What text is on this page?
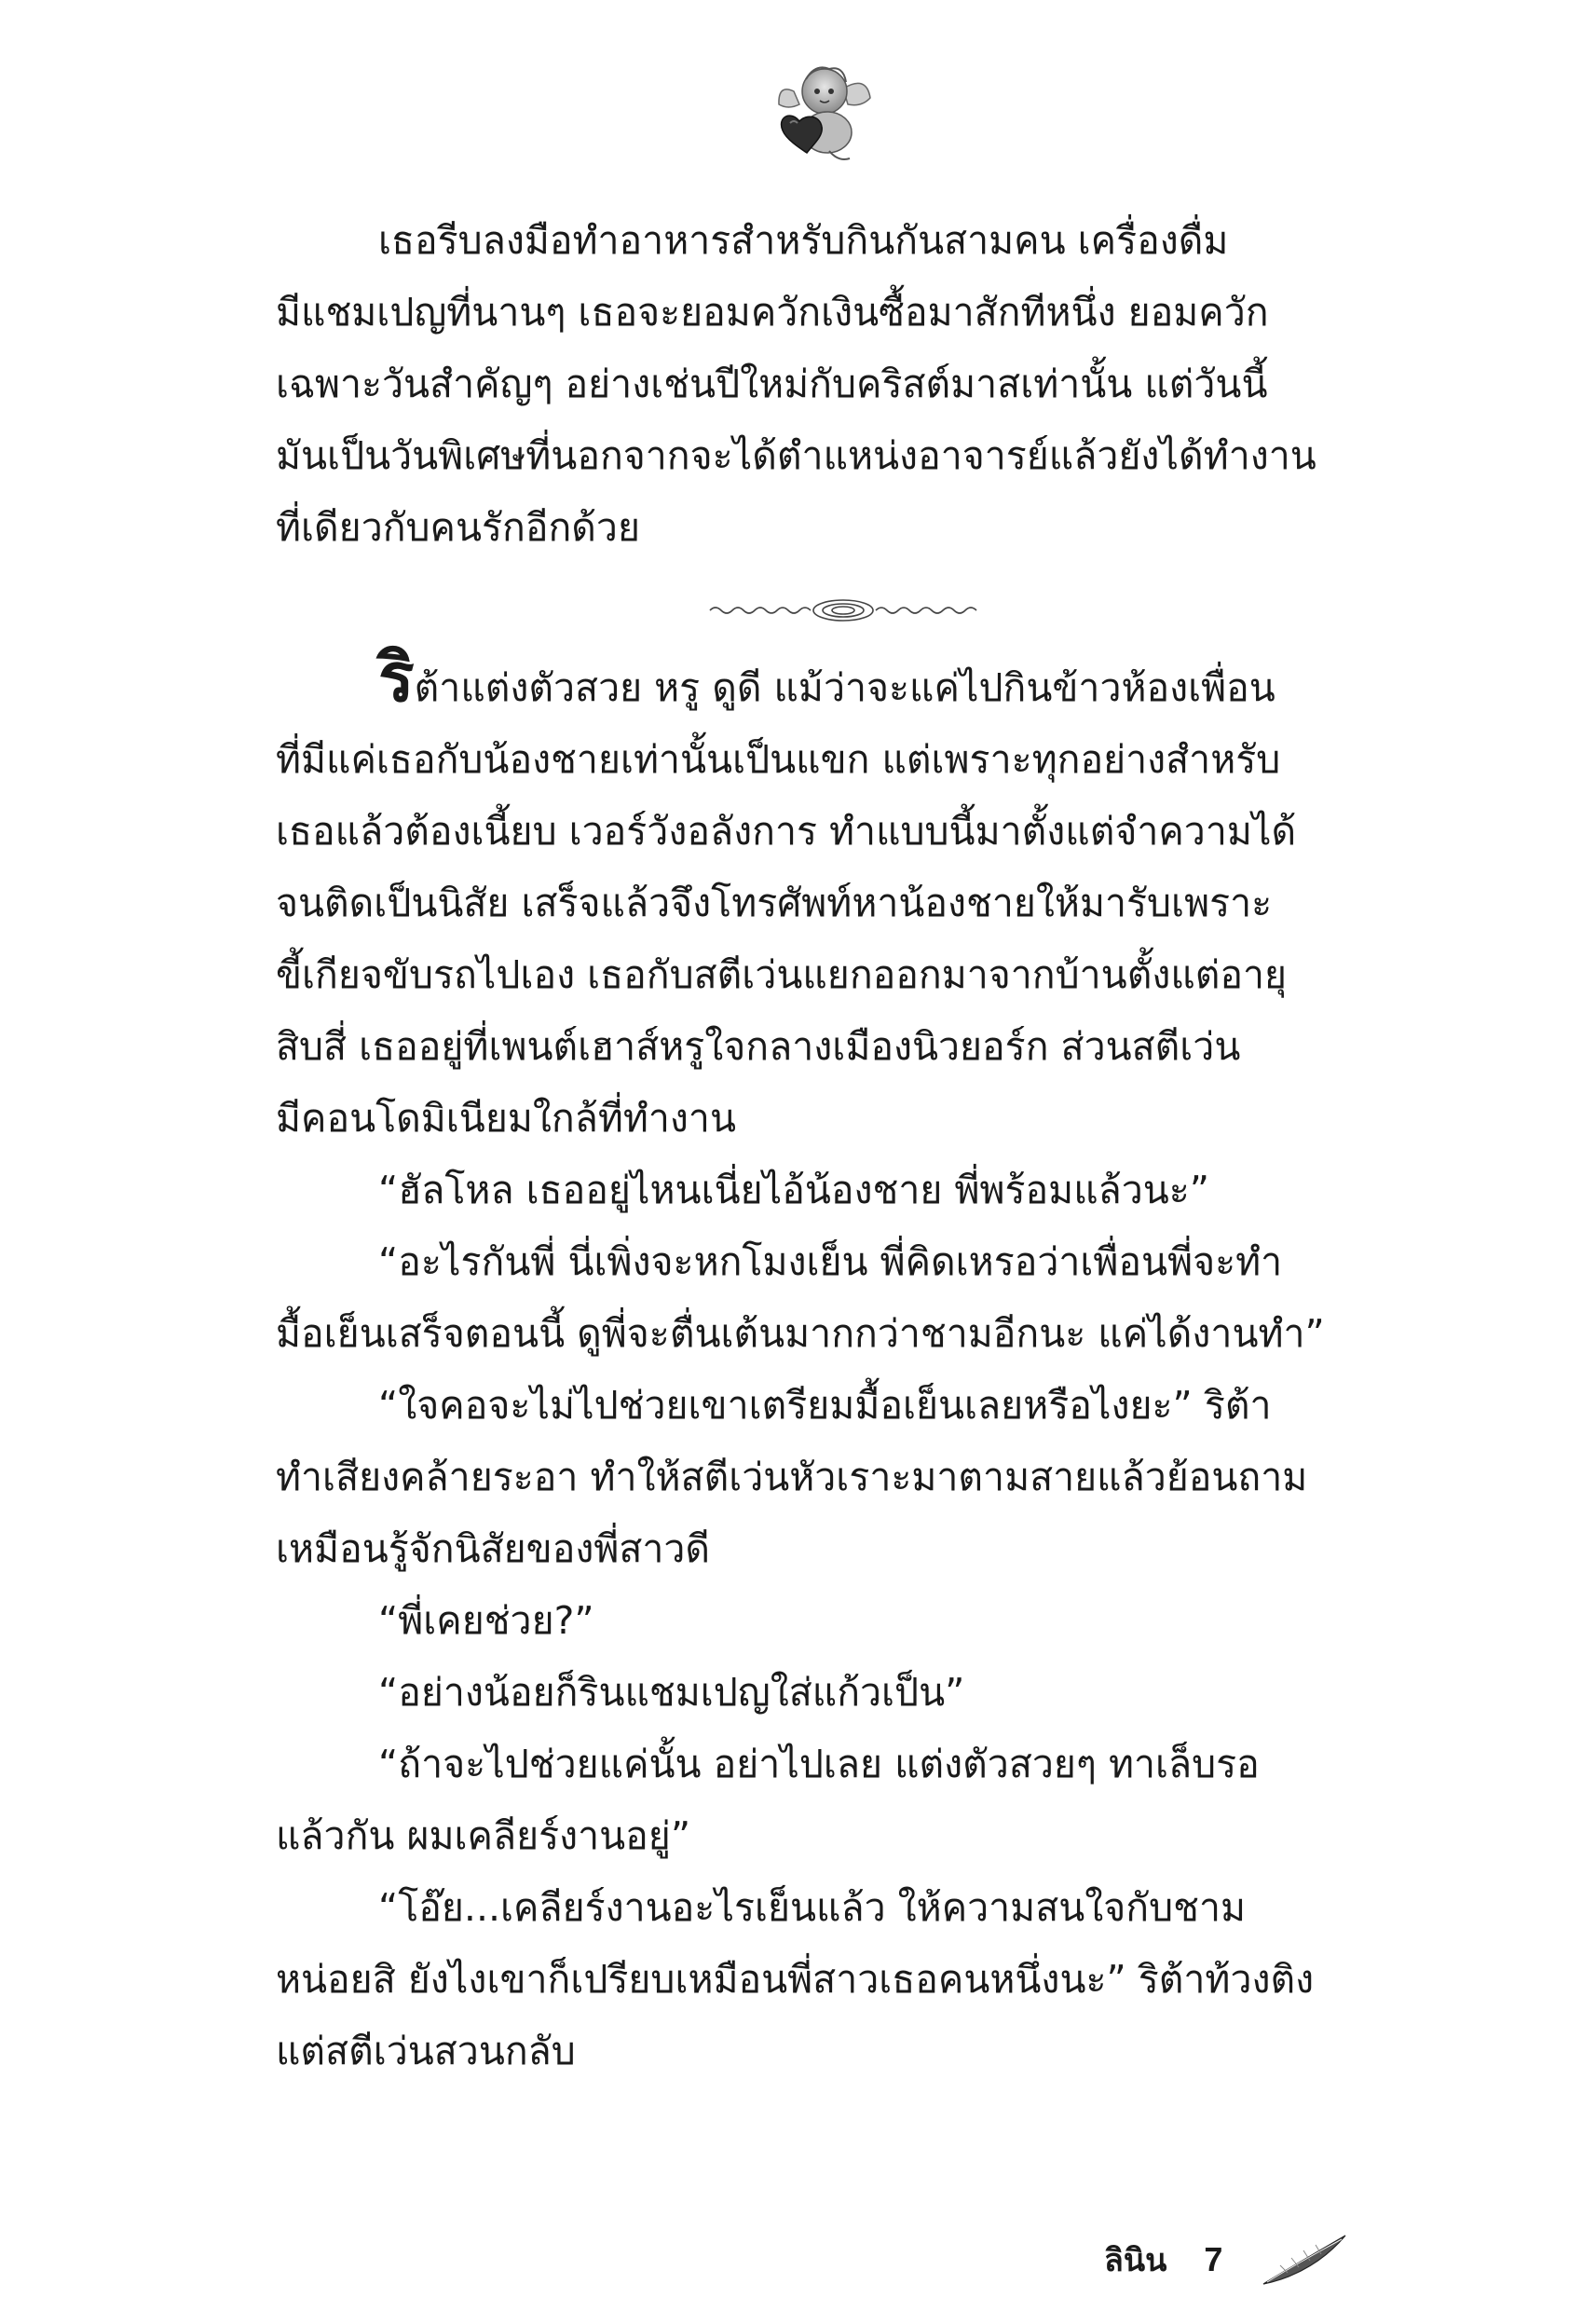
เธอรีบลงมือทำอาหารสำหรับกินกันสามคน เครื่องดื่ม

มีแชมเปญที่นานๆ เธอจะยอมควักเงินซื้อมาสักทีหนึ่ง ยอมควัก

เฉพาะวันสำคัญๆ อย่างเช่นปีใหม่กับคริสต์มาสเท่านั้น แต่วันนี้

มันเป็นวันพิเศษที่นอกจากจะได้ตำแหน่งอาจารย์แล้วยังได้ทำงาน

ที่เดียวกับคนรักอีกด้วย

ริต้าแต่งตัวสวย หรู ดูดี แม้ว่าจะแค่ไปกินข้าวห้องเพื่อน

ที่มีแค่เธอกับน้องชายเท่านั้นเป็นแขก แต่เพราะทุกอย่างสำหรับ

เธอแล้วต้องเนี้ยบ เวอร์วังอลังการ ทำแบบนี้มาตั้งแต่จำความได้

จนติดเป็นนิสัย เสร็จแล้วจึงโทรศัพท์หาน้องชายให้มารับเพราะ

ขี้เกียจขับรถไปเอง เธอกับสตีเว่นแยกออกมาจากบ้านตั้งแต่อายุ

สิบสี่ เธออยู่ที่เพนต์เฮาส์หรูใจกลางเมืองนิวยอร์ก ส่วนสตีเว่น

มีคอนโดมิเนียมใกล้ที่ทำงาน

“ฮัลโหล เธออยู่ไหนเนี่ยไอ้น้องชาย พี่พร้อมแล้วนะ”

“อะไรกันพี่ นี่เพิ่งจะหกโมงเย็น พี่คิดเหรอว่าเพื่อนพี่จะทำ

มื้อเย็นเสร็จตอนนี้ ดูพี่จะตื่นเต้นมากกว่าชามอีกนะ แค่ได้งานทำ”

“ใจคอจะไม่ไปช่วยเขาเตรียมมื้อเย็นเลยหรือไงยะ” ริต้า

ทำเสียงคล้ายระอา ทำให้สตีเว่นหัวเราะมาตามสายแล้วย้อนถาม

เหมือนรู้จักนิสัยของพี่สาวดี

“พี่เคยช่วย?”

“อย่างน้อยก็รินแชมเปญใส่แก้วเป็น”

“ถ้าจะไปช่วยแค่นั้น อย่าไปเลย แต่งตัวสวยๆ ทาเล็บรอ

แล้วกัน ผมเคลียร์งานอยู่”

“โอ๊ย...เคลียร์งานอะไรเย็นแล้ว ให้ความสนใจกับชาม

หน่อยสิ ยังไงเขาก็เปรียบเหมือนพี่สาวเธอคนหนึ่งนะ” ริต้าท้วงติง

แต่สตีเว่นสวนกลับ

ลินิน 7
